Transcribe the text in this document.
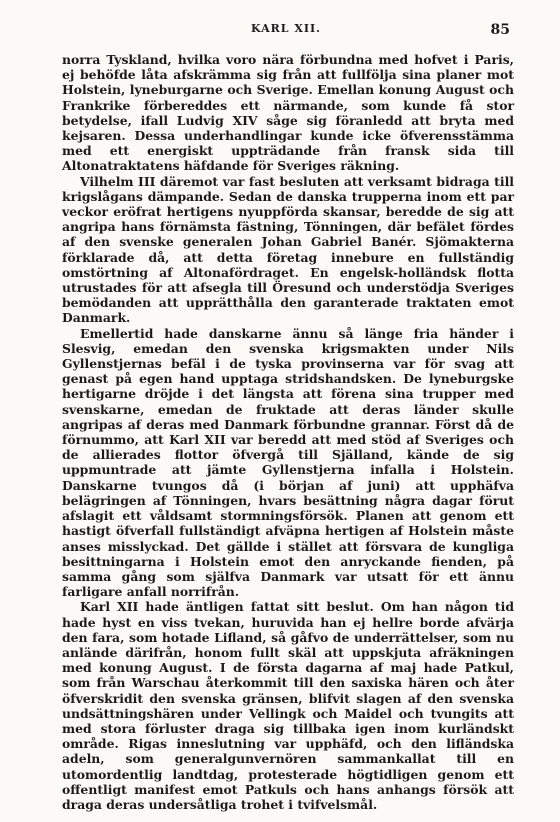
KARL XII.	85

norra Tyskland, hvilka voro nära förbundna med hofvet i Paris, ej behöfde låta afskrämma sig från att fullfölja sina planer mot Holstein, lyneburgarne och Sverige. Emellan konung August och Frankrike förbereddes ett närmande, som kunde få stor betydelse, ifall Ludvig XIV såge sig föranledd att bryta med kejsaren. Dessa underhandlingar kunde icke öfverensstämma med ett energiskt uppträdande från fransk sida till Altonatraktatens häfdande för Sveriges räkning.

Vilhelm III däremot var fast besluten att verksamt bidraga till krigslågans dämpande. Sedan de danska trupperna inom ett par veckor eröfrat hertigens nyuppförda skansar, beredde de sig att angripa hans förnämsta fästning, Tönningen, där befälet fördes af den svenske generalen Johan Gabriel Banér. Sjömakterna förklarade då, att detta företag innebure en fullständig omstörtning af Altonafördraget. En engelsk-holländsk flotta utrustades för att afsegla till Öresund och understödja Sveriges bemödanden att upprätthålla den garanterade traktaten emot Danmark.

Emellertid hade danskarne ännu så länge fria händer i Slesvig, emedan den svenska krigsmakten under Nils Gyllenstjernas befäl i de tyska provinserna var för svag att genast på egen hand upptaga stridshandsken. De lyneburgske hertigarne dröjde i det längsta att förena sina trupper med svenskarne, emedan de fruktade att deras länder skulle angripas af deras med Danmark förbundne grannar. Först då de förnummo, att Karl XII var beredd att med stöd af Sveriges och de allierades flottor öfvergå till Själland, kände de sig uppmuntrade att jämte Gyllenstjerna infalla i Holstein. Danskarne tvungos då (i början af juni) att upphäfva belägringen af Tönningen, hvars besättning några dagar förut afslagit ett våldsamt stormningsförsök. Planen att genom ett hastigt öfverfall fullständigt afväpna hertigen af Holstein måste anses misslyckad. Det gällde i stället att försvara de kungliga besittningarna i Holstein emot den anryckande fienden, på samma gång som själfva Danmark var utsatt för ett ännu farligare anfall norrifrån.

Karl XII hade äntligen fattat sitt beslut. Om han någon tid hade hyst en viss tvekan, huruvida han ej hellre borde afvärja den fara, som hotade Lifland, så gåfvo de underrättelser, som nu anlände därifrån, honom fullt skäl att uppskjuta afräkningen med konung August. I de första dagarna af maj hade Patkul, som från Warschau återkommit till den saxiska hären och åter öfverskridit den svenska gränsen, blifvit slagen af den svenska undsättningshären under Vellingk och Maidel och tvungits att med stora förluster draga sig tillbaka igen inom kurländskt område. Rigas inneslutning var upphäfd, och den lifländska adeln, som generalgunvernören sammankallat till en utomordentlig landtdag, protesterade högtidligen genom ett offentligt manifest emot Patkuls och hans anhangs försök att draga deras undersåtliga trohet i tvifvelsmål.
